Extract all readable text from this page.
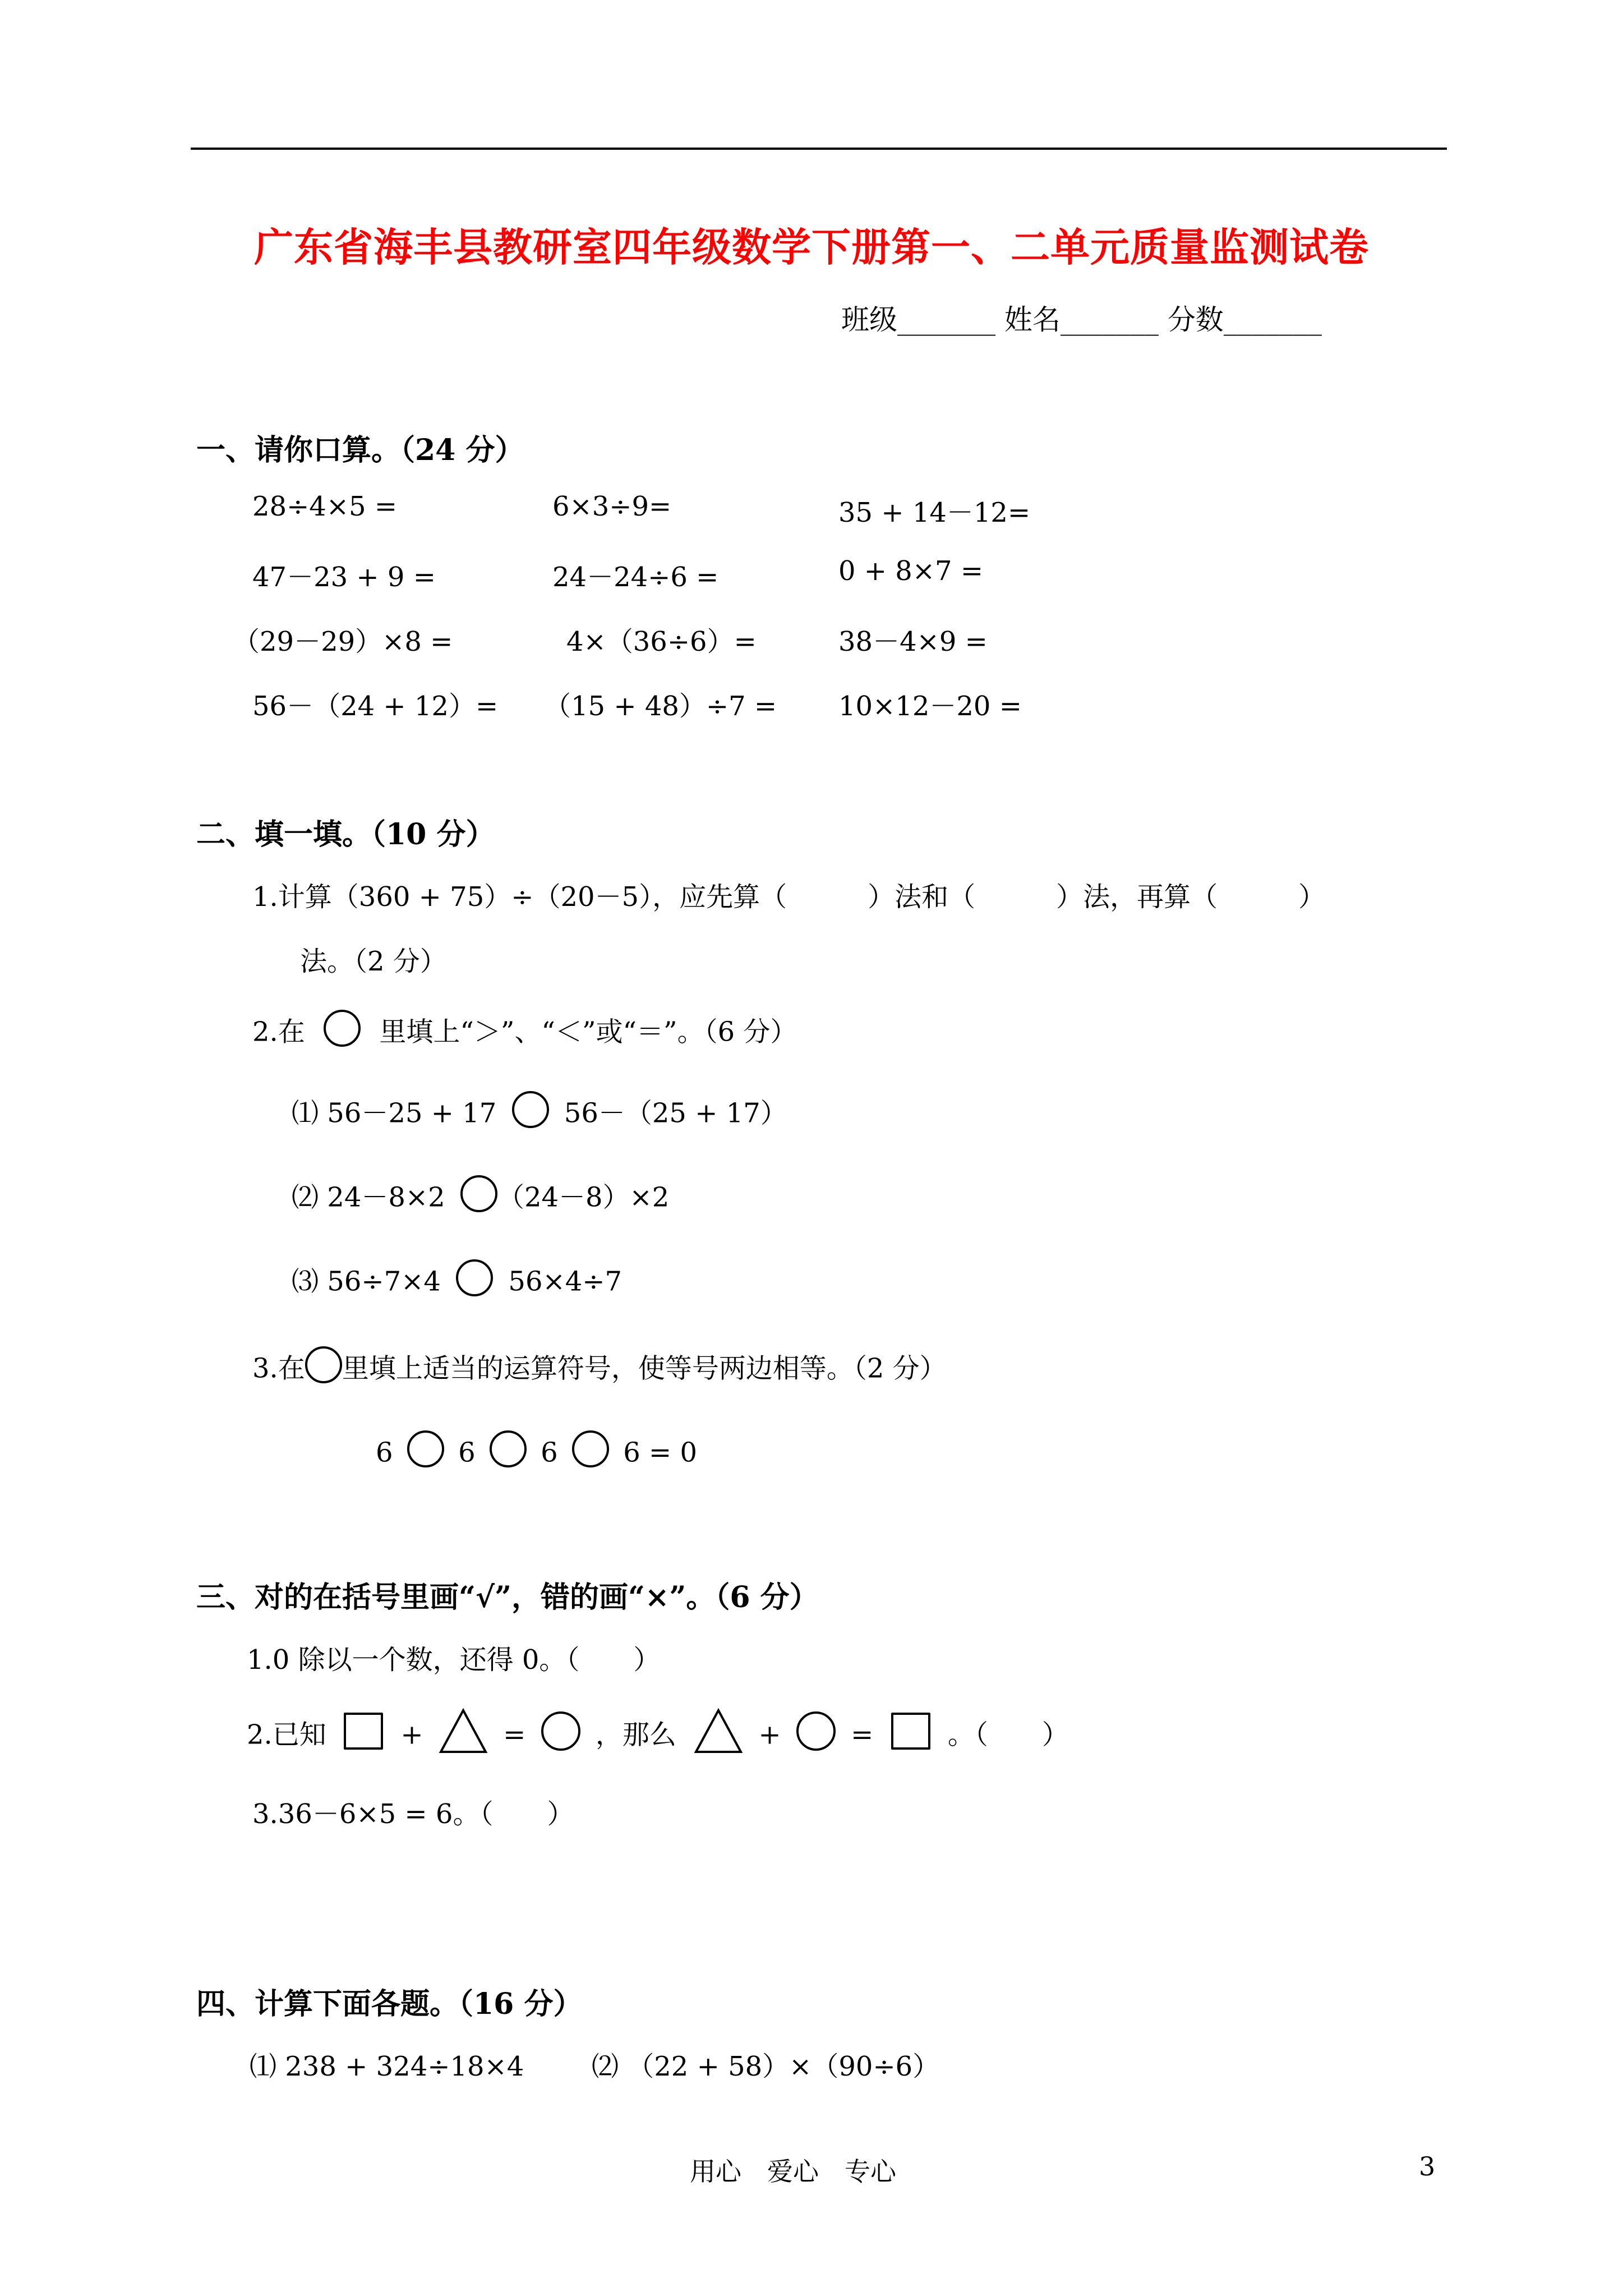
广东省海丰县教研室四年级数学下册第一、二单元质量监测试卷
班级_______ 姓名_______ 分数_______
一、请你口算。（24 分）
28÷4×5 =	6×3÷9=	35 + 14－12=
47－23 + 9 =	24－24÷6 =	0 + 8×7 =
（29－29）×8 =	4×（36÷6）=	38－4×9 =
56－（24 + 12）= （15 + 48）÷7 = 10×12－20 =
二、填一填。（10 分）
1.计算（360 + 75）÷（20－5），应先算（　　　）法和（　　　）法，再算（　　　）
法。（2 分）
2.在	里填上“＞”、“＜”或“＝”。（6 分）
⑴ 56－25 + 17	56－（25 + 17）
⑵ 24－8×2 （24－8）×2
⑶ 56÷7×4	56×4÷7
3.在 里填上适当的运算符号，使等号两边相等。（2 分）
6 6 6 6 = 0
三、对的在括号里画“√”，错的画“×”。（6 分）
1.0 除以一个数，还得 0。（　　）
2.已知	+	=	，那么	+	=	。（　　）
3.36－6×5 = 6。（　　）
四、计算下面各题。（16 分）
⑴ 238 + 324÷18×4	⑵ （22 + 58）×（90÷6）
用心　爱心　专心	3
